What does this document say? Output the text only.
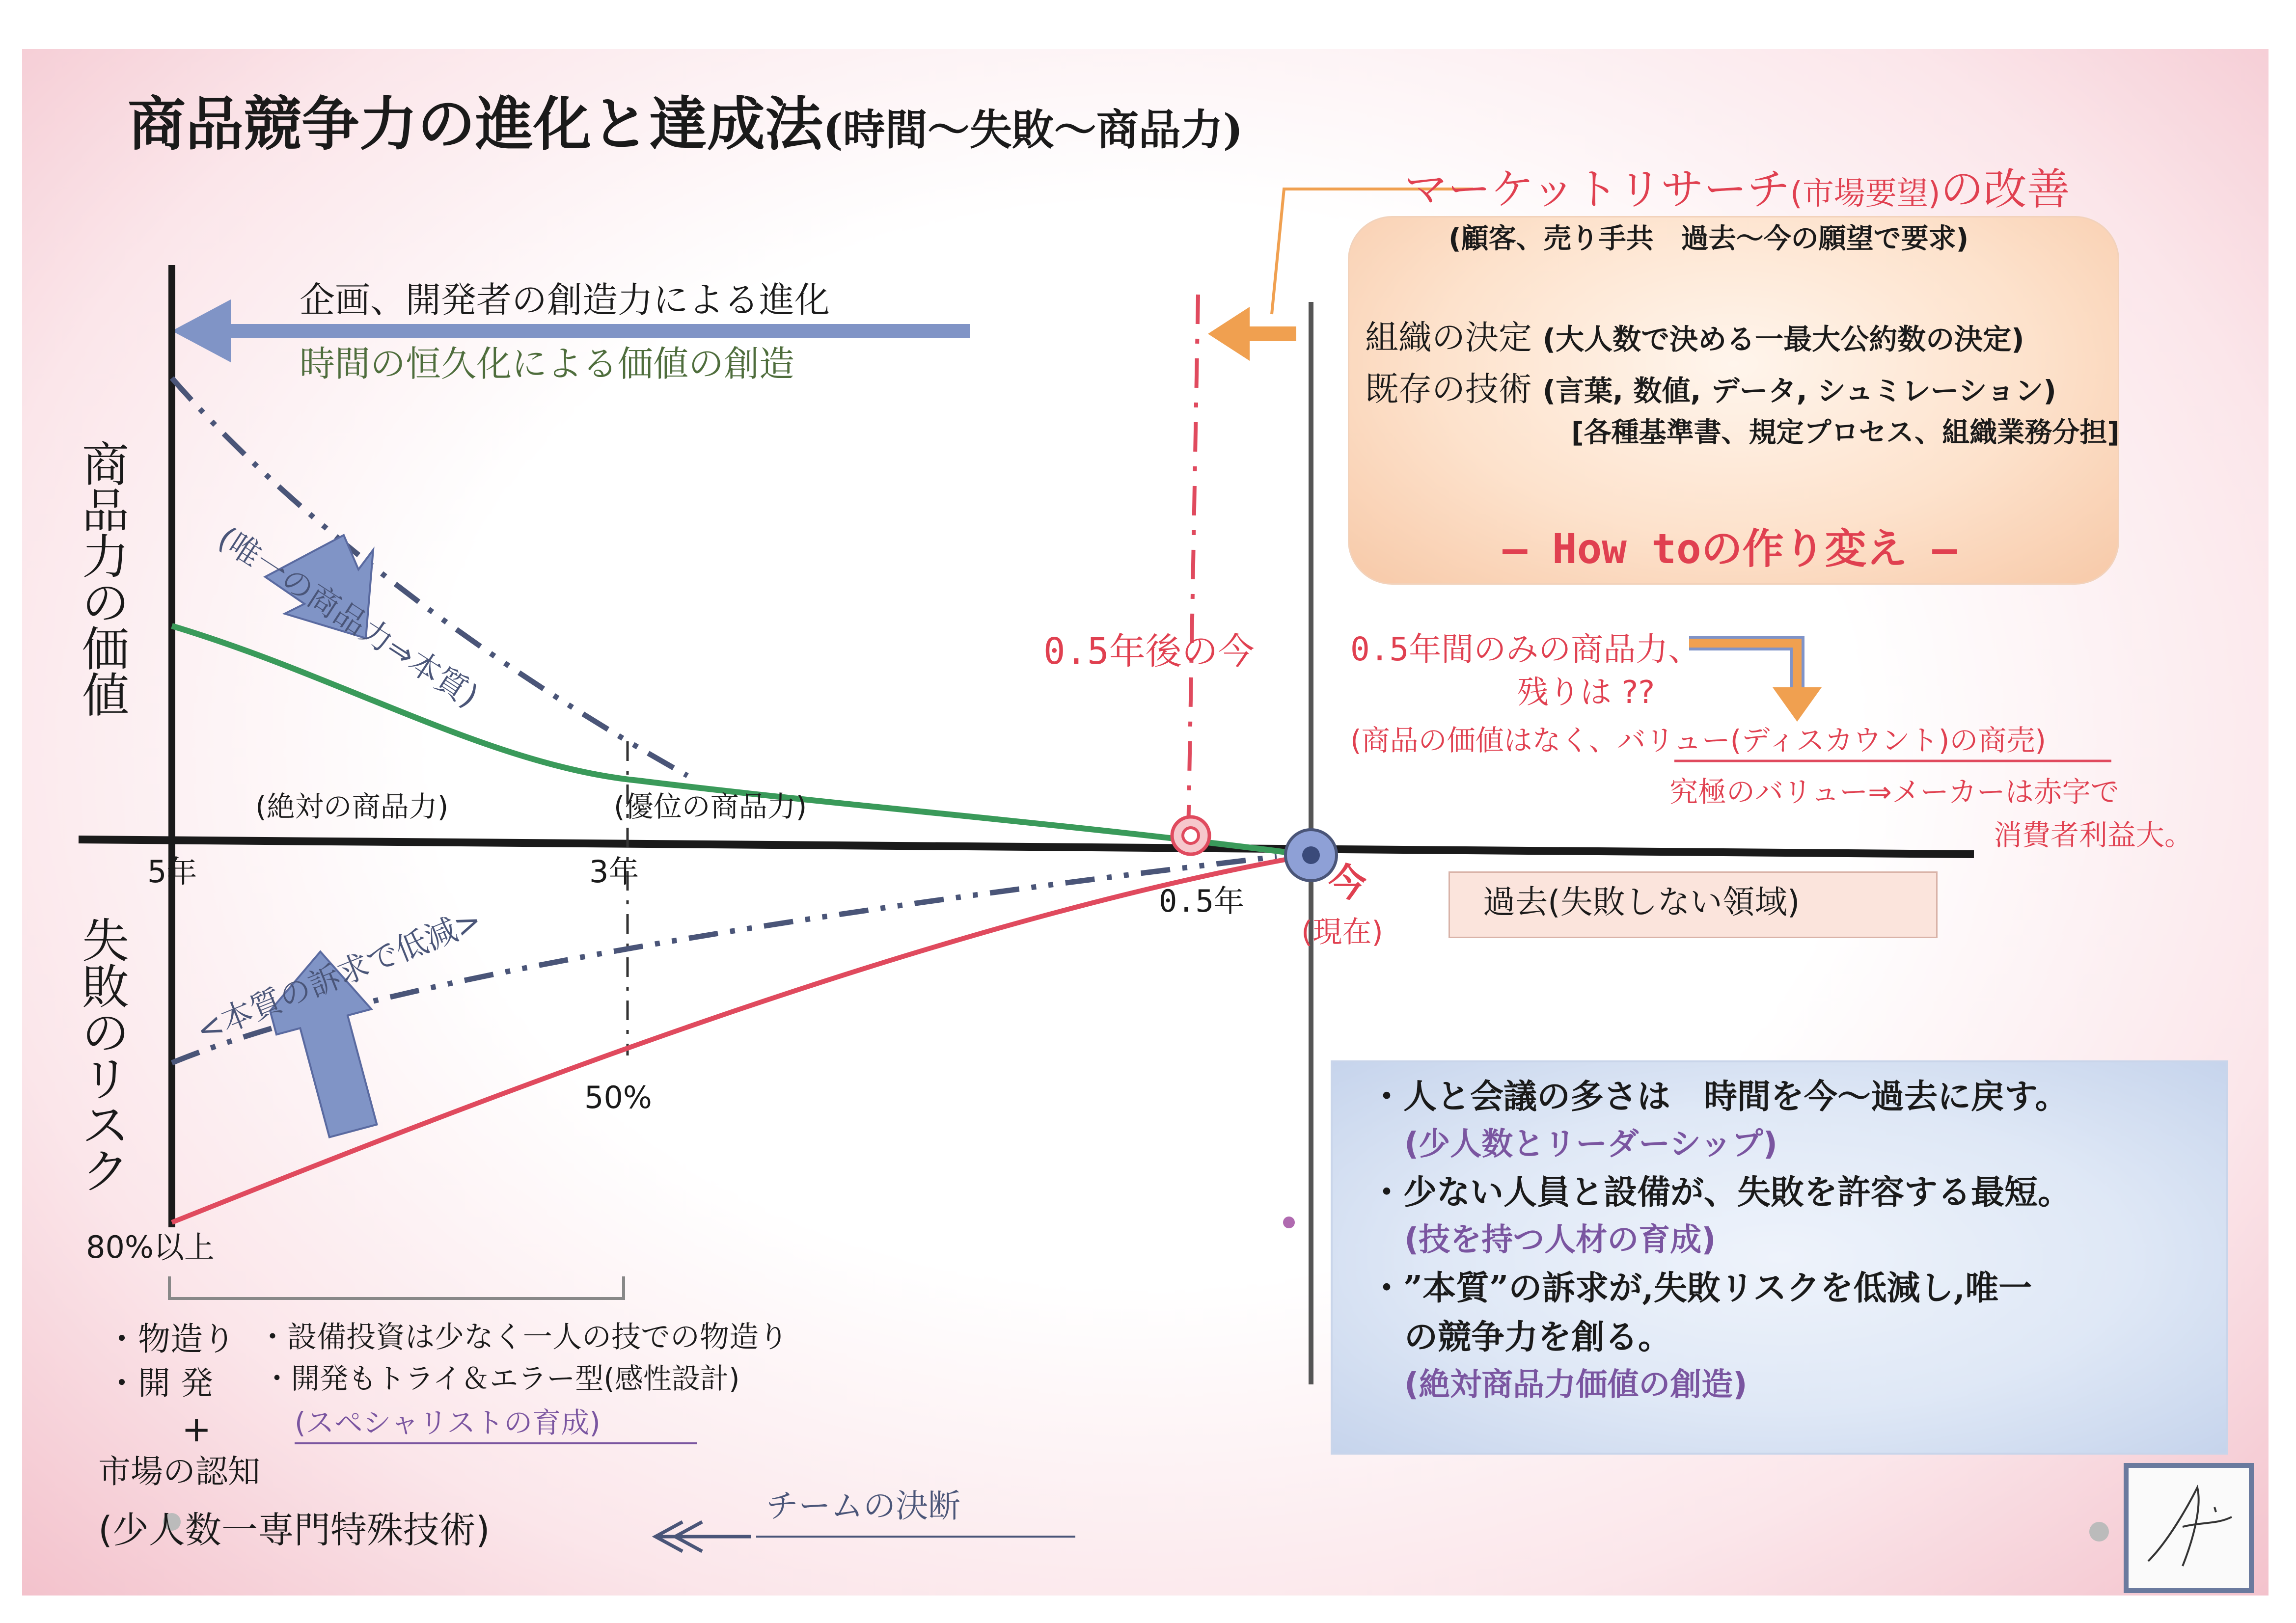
商品競争力の進化と達成法(時間〜失敗〜商品力)
商品力の価値
失敗のリスク
企画、開発者の創造力による進化
時間の恒久化による価値の創造
(唯一の商品力⇒本質)
<本質の訴求で低減>
(絶対の商品力)	(優位の商品力)
5年	3年
0.5年 今
(現在)
50%
80%以上
0.5年後の今
マーケットリサーチ(市場要望)の改善
(顧客、売り手共　過去〜今の願望で要求)
組織の決定 (大人数で決める一最大公約数の決定)
既存の技術 (言葉, 数値, データ, シュミレーション)
[各種基準書、規定プロセス、組織業務分担]
— How toの作り変え —
0.5年間のみの商品力、
残りは ??
(商品の価値はなく、バリュー(ディスカウント)の商売)
究極のバリュー⇒メーカーは赤字で
消費者利益大。
過去(失敗しない領域)
・人と会議の多さは　時間を今〜過去に戻す。
(少人数とリーダーシップ)
・少ない人員と設備が、失敗を許容する最短。
(技を持つ人材の育成)
・”本質”の訴求が,失敗リスクを低減し,唯一
の競争力を創る。
(絶対商品力価値の創造)
・物造り
・開 発
・設備投資は少なく一人の技での物造り
・開発もトライ＆エラー型(感性設計)
(スペシャリストの育成)
+
市場の認知
(少人数一専門特殊技術)
チームの決断
